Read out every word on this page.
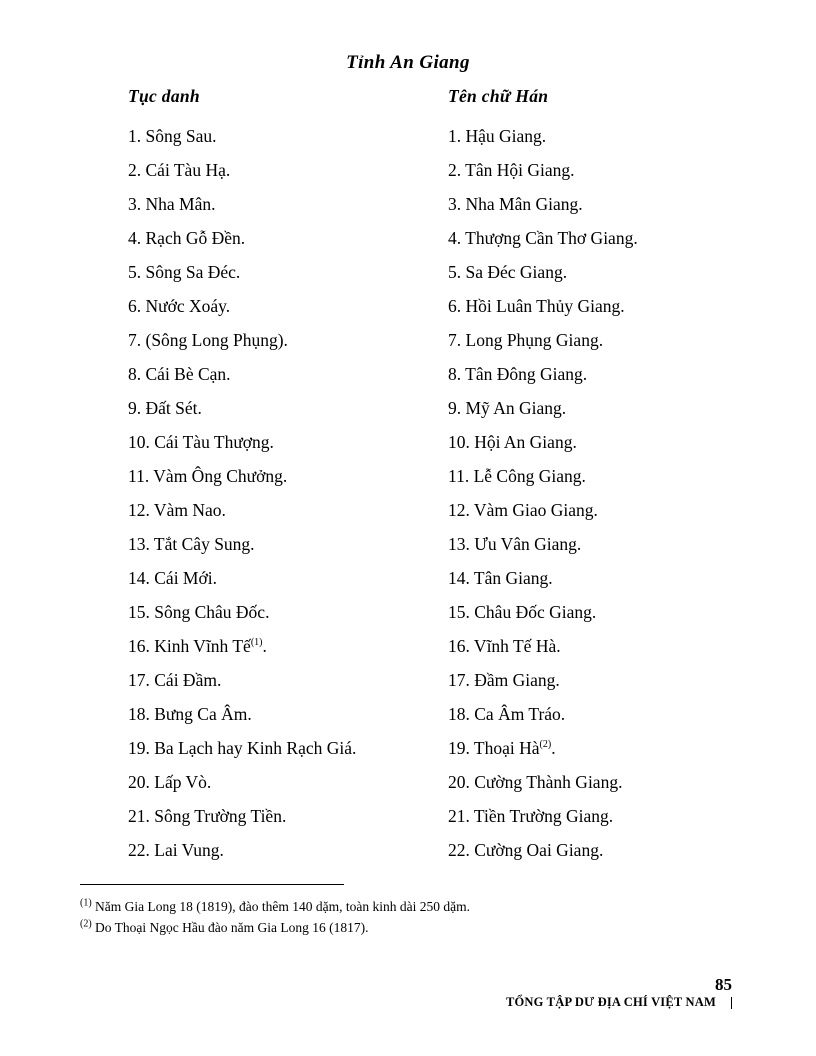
Tỉnh An Giang
Tục danh
1. Sông Sau.
2. Cái Tàu Hạ.
3. Nha Mân.
4. Rạch Gỗ Đền.
5. Sông Sa Đéc.
6. Nước Xoáy.
7. (Sông Long Phụng).
8. Cái Bè Cạn.
9. Đất Sét.
10. Cái Tàu Thượng.
11. Vàm Ông Chưởng.
12. Vàm Nao.
13. Tắt Cây Sung.
14. Cái Mới.
15. Sông Châu Đốc.
16. Kinh Vĩnh Tế$^{(1)}$.
17. Cái Đầm.
18. Bưng Ca Âm.
19. Ba Lạch hay Kinh Rạch Giá.
20. Lấp Vò.
21. Sông Trường Tiền.
22. Lai Vung.
Tên chữ Hán
1. Hậu Giang.
2. Tân Hội Giang.
3. Nha Mân Giang.
4. Thượng Cần Thơ Giang.
5. Sa Đéc Giang.
6. Hồi Luân Thủy Giang.
7. Long Phụng Giang.
8. Tân Đông Giang.
9. Mỹ An Giang.
10. Hội An Giang.
11. Lễ Công Giang.
12. Vàm Giao Giang.
13. Ưu Vân Giang.
14. Tân Giang.
15. Châu Đốc Giang.
16. Vĩnh Tế Hà.
17. Đầm Giang.
18. Ca Âm Tráo.
19. Thoại $Hà^{(2)}$.
20. Cường Thành Giang.
21. Tiền Trường Giang.
22. Cường Oai Giang.
$^{(1)}$ Năm Gia Long 18 (1819), đào thêm 140 dặm, toàn kinh dài 250 dặm.
$^{(2)}$ Do Thoại Ngọc Hầu đào năm Gia Long 16 (1817).
85
TỔNG TẬP DƯ ĐỊA CHÍ VIỆT NAM
